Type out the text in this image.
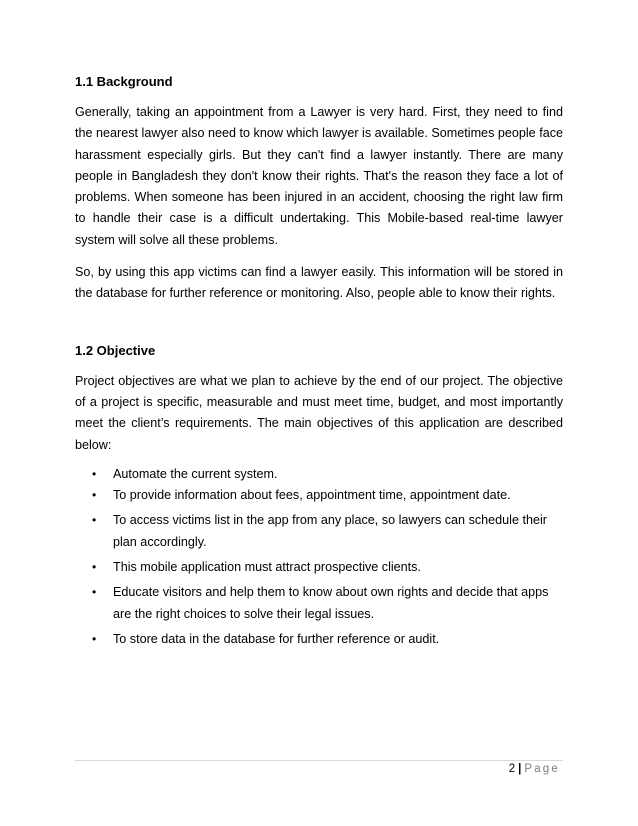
1.1 Background

Generally, taking an appointment from a Lawyer is very hard. First, they need to find the nearest lawyer also need to know which lawyer is available. Sometimes people face harassment especially girls. But they can't find a lawyer instantly. There are many people in Bangladesh they don't know their rights. That's the reason they face a lot of problems. When someone has been injured in an accident, choosing the right law firm to handle their case is a difficult undertaking. This Mobile-based real-time lawyer system will solve all these problems.

So, by using this app victims can find a lawyer easily. This information will be stored in the database for further reference or monitoring. Also, people able to know their rights.

1.2 Objective

Project objectives are what we plan to achieve by the end of our project. The objective of a project is specific, measurable and must meet time, budget, and most importantly meet the client’s requirements. The main objectives of this application are described below:

• Automate the current system.
• To provide information about fees, appointment time, appointment date.
• To access victims list in the app from any place, so lawyers can schedule their plan accordingly.
• This mobile application must attract prospective clients.
• Educate visitors and help them to know about own rights and decide that apps are the right choices to solve their legal issues.
• To store data in the database for further reference or audit.
2 | Page
